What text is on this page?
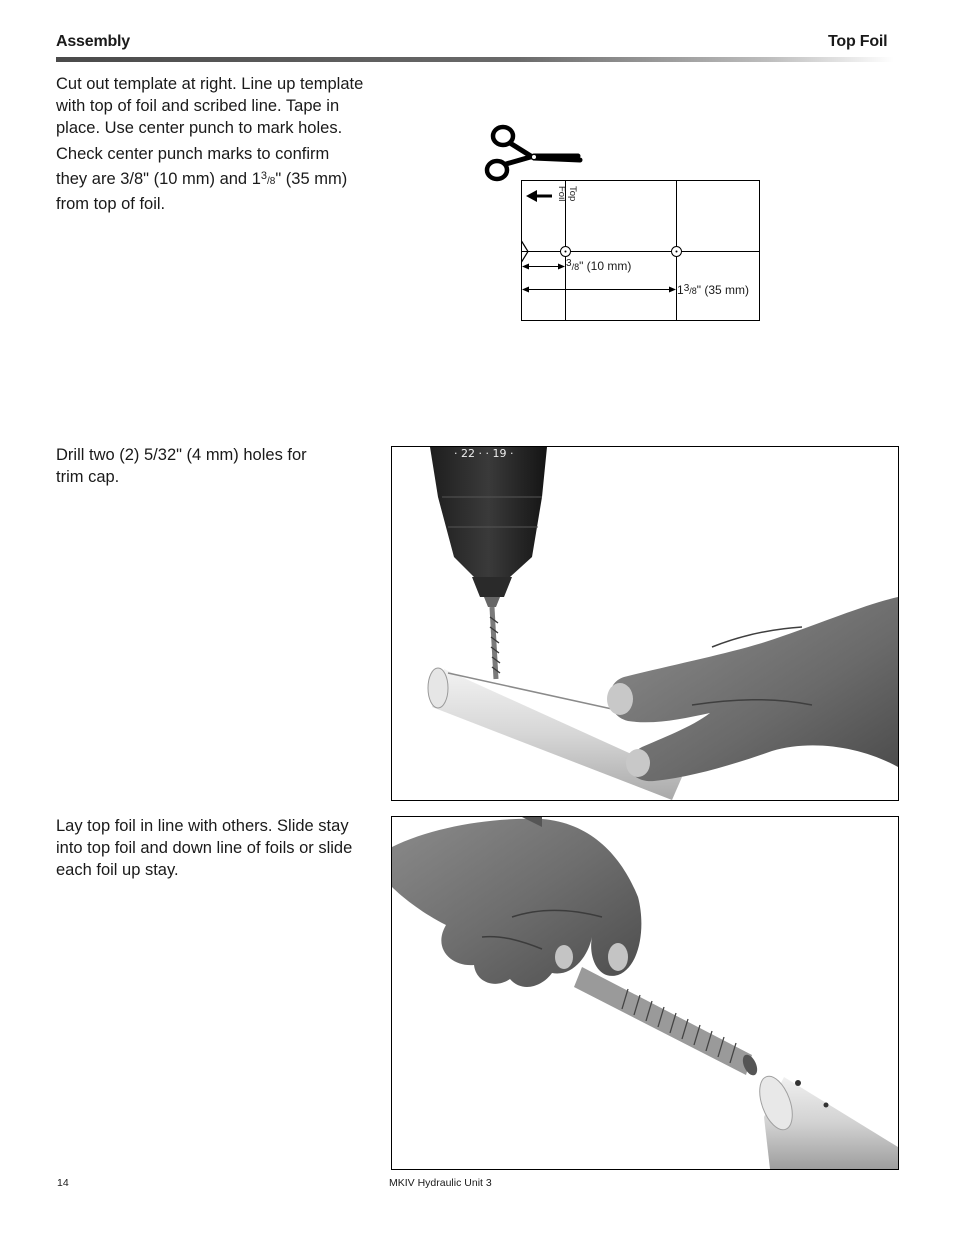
Assembly	Top Foil
Cut out template at right. Line up template with top of foil and scribed line. Tape in place. Use center punch to mark holes.
Check center punch marks to confirm
they are 3/8" (10 mm) and $1^3/8$" (35 mm)
from top of foil.
Foil Top
$^3_{/8}$" (10 mm)
$1^3_{/8}$" (35 mm)
Drill two (2) 5/32" (4 mm) holes for trim cap.
· 22 · · 19 ·
Lay top foil in line with others. Slide stay into top foil and down line of foils or slide each foil up stay.
14	MKIV Hydraulic Unit 3
